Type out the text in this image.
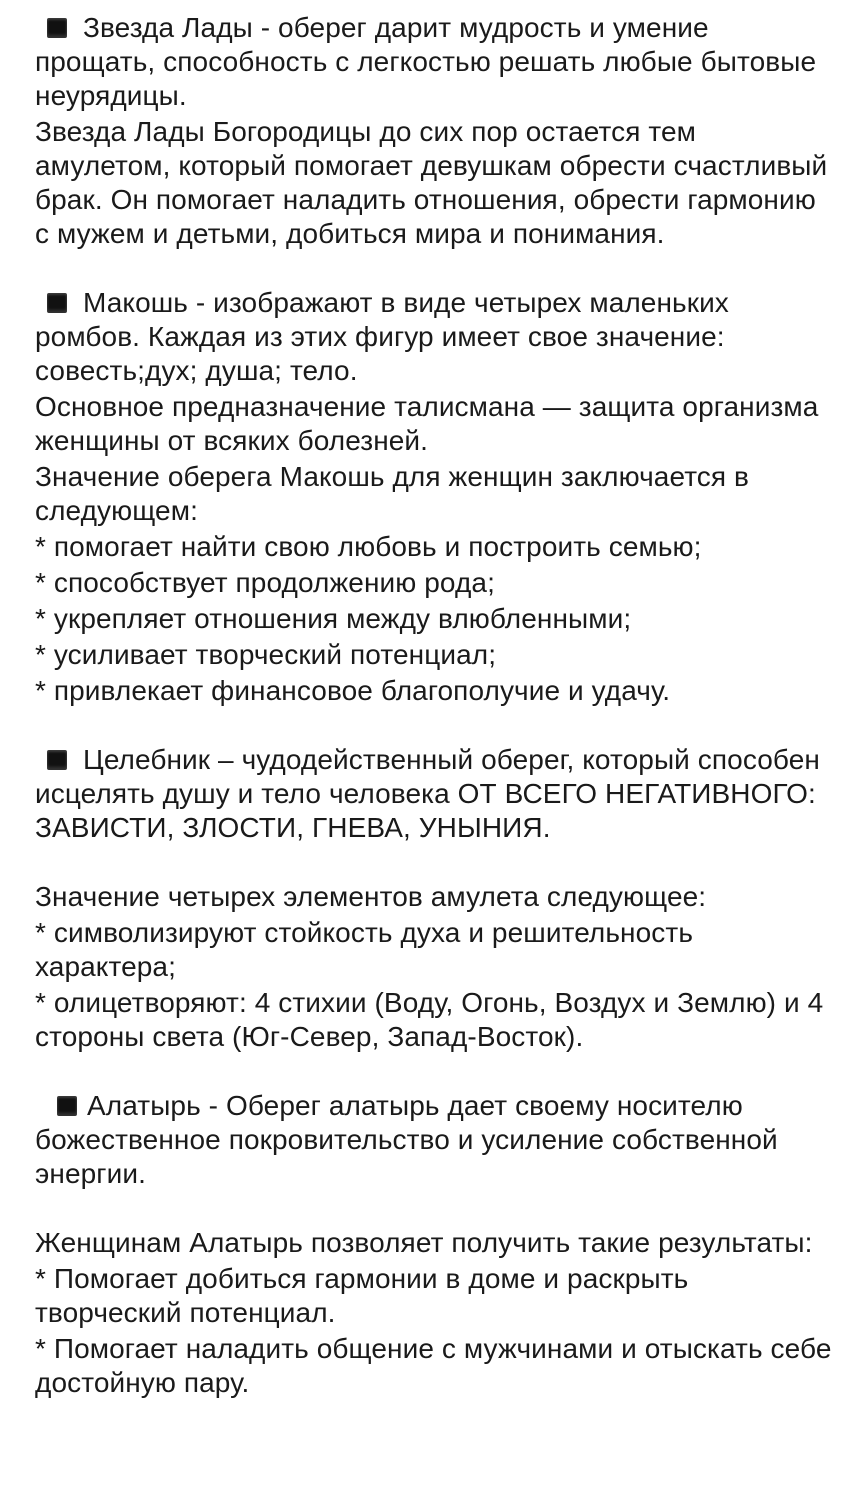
Звезда Лады - оберег дарит мудрость и умение прощать, способность с легкостью решать любые бытовые неурядицы.
Звезда Лады Богородицы до сих пор остается тем амулетом, который помогает девушкам обрести счастливый брак. Он помогает наладить отношения, обрести гармонию с мужем и детьми, добиться мира и понимания.
Макошь - изображают в виде четырех маленьких ромбов. Каждая из этих фигур имеет свое значение: совесть;дух; душа; тело.
Основное предназначение талисмана — защита организма женщины от всяких болезней.
Значение оберега Макошь для женщин заключается в следующем:
* помогает найти свою любовь и построить семью;
* способствует продолжению рода;
* укрепляет отношения между влюбленными;
* усиливает творческий потенциал;
* привлекает финансовое благополучие и удачу.
Целебник – чудодейственный оберег, который способен исцелять душу и тело человека ОТ ВСЕГО НЕГАТИВНОГО: ЗАВИСТИ, ЗЛОСТИ, ГНЕВА, УНЫНИЯ.
Значение четырех элементов амулета следующее:
* символизируют стойкость духа и решительность характера;
* олицетворяют: 4 стихии (Воду, Огонь, Воздух и Землю) и 4 стороны света (Юг-Север, Запад-Восток).
Алатырь - Оберег алатырь дает своему носителю божественное покровительство и усиление собственной энергии.
Женщинам Алатырь позволяет получить такие результаты:
* Помогает добиться гармонии в доме и раскрыть творческий потенциал.
* Помогает наладить общение с мужчинами и отыскать себе достойную пару.
